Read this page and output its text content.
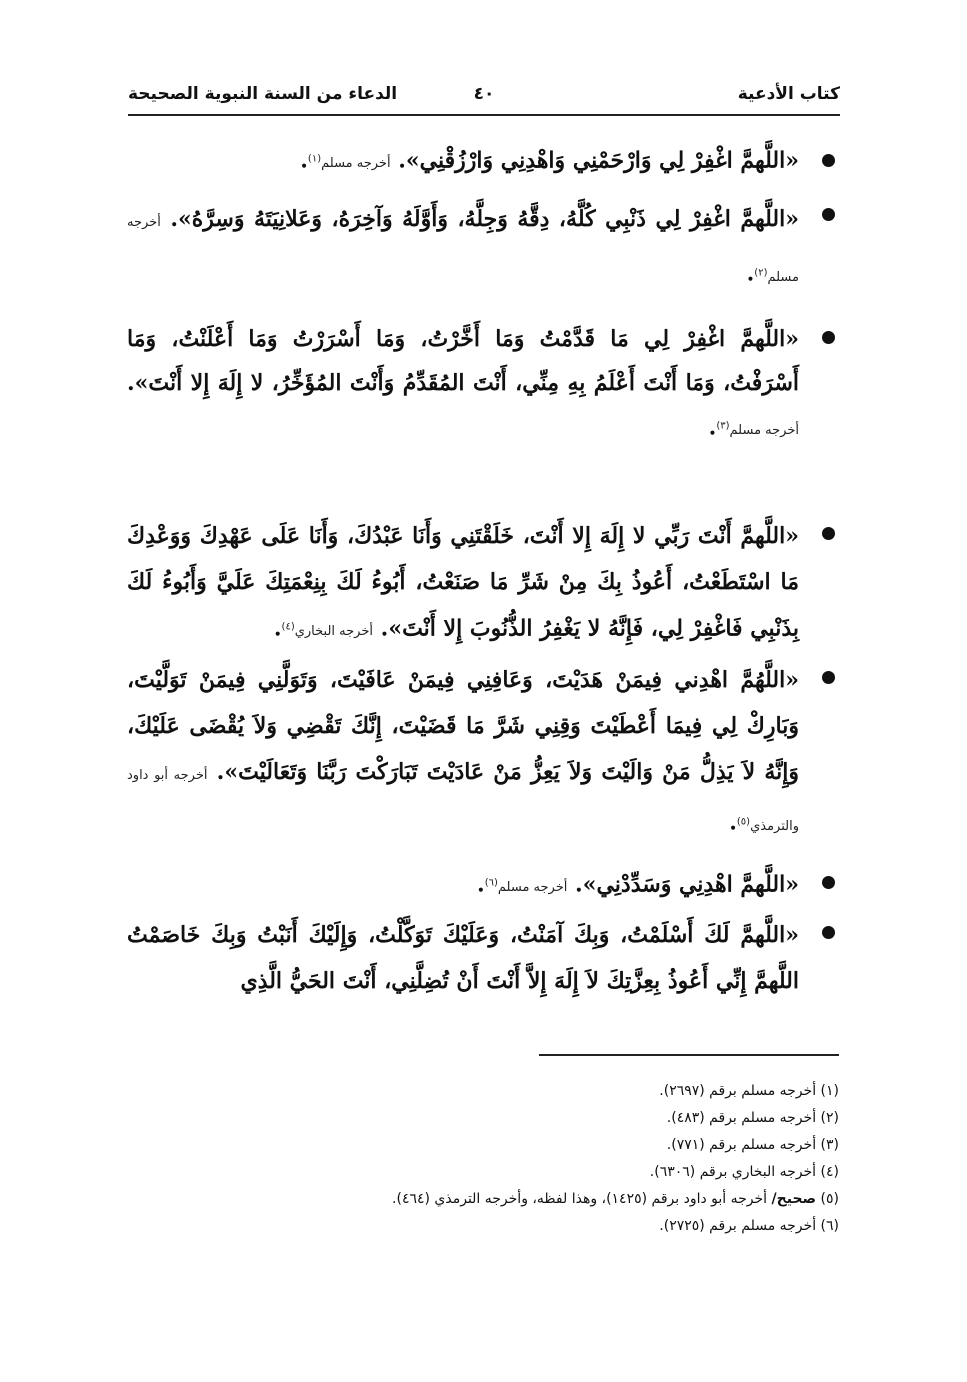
كتاب الأدعية
٤٠
الدعاء من السنة النبوية الصحيحة
«اللَّهمَّ اغْفِرْ لِي وَارْحَمْنِي وَاهْدِنِي وَارْزُقْنِي». أخرجه مسلم$^{(١)}$.
«اللَّهمَّ اغْفِرْ لِي ذَنْبِي كُلَّهُ، دِقَّهُ وَجِلَّهُ، وَأَوَّلَهُ وَآخِرَهُ، وَعَلانِيَتَهُ وَسِرَّهُ». أخرجه مسلم$^{(٢)}$.
«اللَّهمَّ اغْفِرْ لِي مَا قَدَّمْتُ وَمَا أَخَّرْتُ، وَمَا أَسْرَرْتُ وَمَا أَعْلَنْتُ، وَمَا أَسْرَفْتُ، وَمَا أَنْتَ أَعْلَمُ بِهِ مِنِّي، أَنْتَ المُقَدِّمُ وَأَنْتَ المُؤَخِّرُ، لا إِلَهَ إِلا أَنْتَ». أخرجه مسلم$^{(٣)}$.
«اللَّهمَّ أَنْتَ رَبِّي لا إِلَهَ إِلا أَنْتَ، خَلَقْتَنِي وَأَنَا عَبْدُكَ، وَأَنَا عَلَى عَهْدِكَ وَوَعْدِكَ مَا اسْتَطَعْتُ، أَعُوذُ بِكَ مِنْ شَرِّ مَا صَنَعْتُ، أَبُوءُ لَكَ بِنِعْمَتِكَ عَلَيَّ وَأَبُوءُ لَكَ بِذَنْبِي فَاغْفِرْ لِي، فَإِنَّهُ لا يَغْفِرُ الذُّنُوبَ إِلا أَنْتَ». أخرجه البخاري$^{(٤)}$.
«اللَّهُمَّ اهْدِني فِيمَنْ هَدَيْتَ، وَعَافِنِي فِيمَنْ عَافَيْتَ، وَتَوَلَّنِي فِيمَنْ تَوَلَّيْتَ، وَبَارِكْ لِي فِيمَا أَعْطَيْتَ وَقِنِي شَرَّ مَا قَضَيْتَ، إِنَّكَ تَقْضِي وَلاَ يُقْضَى عَلَيْكَ، وَإِنَّهُ لاَ يَذِلُّ مَنْ وَالَيْتَ وَلاَ يَعِزُّ مَنْ عَادَيْتَ تَبَارَكْتَ رَبَّنَا وَتَعَالَيْتَ». أخرجه أبو داود والترمذي$^{(٥)}$.
«اللَّهمَّ اهْدِنِي وَسَدِّدْنِي». أخرجه مسلم$^{(٦)}$.
«اللَّهمَّ لَكَ أَسْلَمْتُ، وَبِكَ آمَنْتُ، وَعَلَيْكَ تَوَكَّلْتُ، وَإِلَيْكَ أَنَبْتُ وَبِكَ خَاصَمْتُ اللَّهمَّ إِنِّي أَعُوذُ بِعِزَّتِكَ لاَ إِلَهَ إِلاَّ أَنْتَ أَنْ تُضِلَّنِي، أَنْتَ الحَيُّ الَّذِي
(١) أخرجه مسلم برقم (٢٦٩٧).
(٢) أخرجه مسلم برقم (٤٨٣).
(٣) أخرجه مسلم برقم (٧٧١).
(٤) أخرجه البخاري برقم (٦٣٠٦).
(٥) صحيح/ أخرجه أبو داود برقم (١٤٢٥)، وهذا لفظه، وأخرجه الترمذي (٤٦٤).
(٦) أخرجه مسلم برقم (٢٧٢٥).
